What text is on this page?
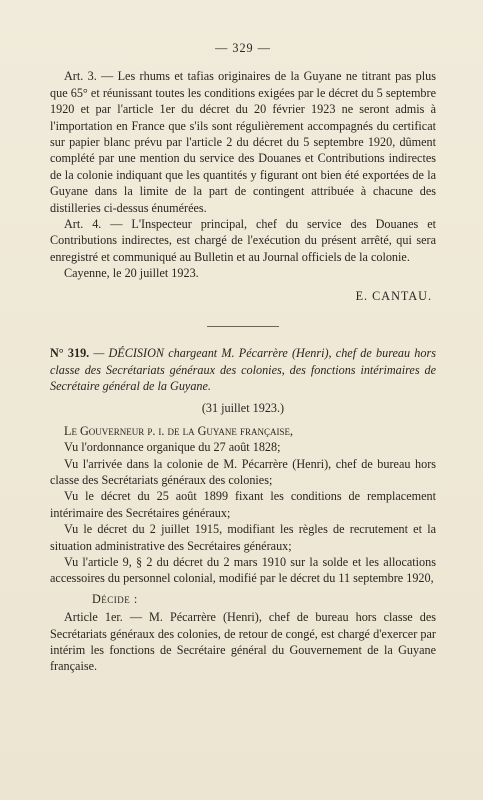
— 329 —

Art. 3. — Les rhums et tafias originaires de la Guyane ne titrant pas plus que 65° et réunissant toutes les conditions exigées par le décret du 5 septembre 1920 et par l'article 1er du décret du 20 février 1923 ne seront admis à l'importation en France que s'ils sont régulièrement accompagnés du certificat sur papier blanc prévu par l'article 2 du décret du 5 septembre 1920, dûment complété par une mention du service des Douanes et Contributions indirectes de la colonie indiquant que les quantités y figurant ont bien été exportées de la Guyane dans la limite de la part de contingent attribuée à chacune des distilleries ci-dessus énumérées.

Art. 4. — L'Inspecteur principal, chef du service des Douanes et Contributions indirectes, est chargé de l'exécution du présent arrêté, qui sera enregistré et communiqué au Bulletin et au Journal officiels de la colonie.

Cayenne, le 20 juillet 1923.

E. CANTAU.

N° 319. — DÉCISION chargeant M. Pécarrère (Henri), chef de bureau hors classe des Secrétariats généraux des colonies, des fonctions intérimaires de Secrétaire général de la Guyane.

(31 juillet 1923.)

Le Gouverneur p. i. de la Guyane française,

Vu l'ordonnance organique du 27 août 1828;

Vu l'arrivée dans la colonie de M. Pécarrère (Henri), chef de bureau hors classe des Secrétariats généraux des colonies;

Vu le décret du 25 août 1899 fixant les conditions de remplacement intérimaire des Secrétaires généraux;

Vu le décret du 2 juillet 1915, modifiant les règles de recrutement et la situation administrative des Secrétaires généraux;

Vu l'article 9, § 2 du décret du 2 mars 1910 sur la solde et les allocations accessoires du personnel colonial, modifié par le décret du 11 septembre 1920,

Décide :

Article 1er. — M. Pécarrère (Henri), chef de bureau hors classe des Secrétariats généraux des colonies, de retour de congé, est chargé d'exercer par intérim les fonctions de Secrétaire général du Gouvernement de la Guyane française.
